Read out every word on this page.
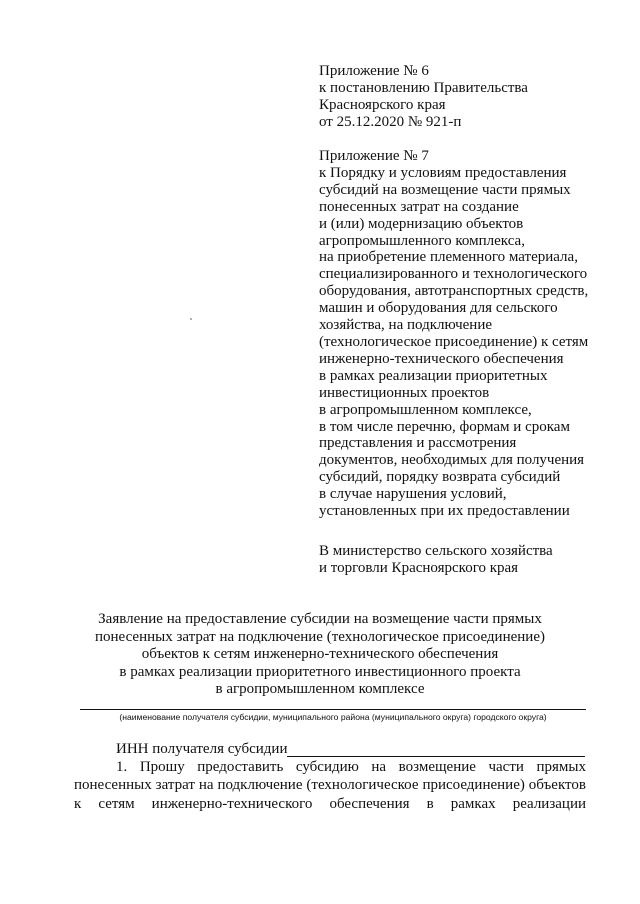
Приложение № 6
к постановлению Правительства
Красноярского края
от 25.12.2020 № 921-п
Приложение № 7
к Порядку и условиям предоставления
субсидий на возмещение части прямых
понесенных затрат на создание
и (или) модернизацию объектов
агропромышленного комплекса,
на приобретение племенного материала,
специализированного и технологического
оборудования, автотранспортных средств,
машин и оборудования для сельского
хозяйства, на подключение
(технологическое присоединение) к сетям
инженерно-технического обеспечения
в рамках реализации приоритетных
инвестиционных проектов
в агропромышленном комплексе,
в том числе перечню, формам и срокам
представления и рассмотрения
документов, необходимых для получения
субсидий, порядку возврата субсидий
в случае нарушения условий,
установленных при их предоставлении
В министерство сельского хозяйства
и торговли Красноярского края
Заявление на предоставление субсидии на возмещение части прямых
понесенных затрат на подключение (технологическое присоединение)
объектов к сетям инженерно-технического обеспечения
в рамках реализации приоритетного инвестиционного проекта
в агропромышленном комплексе
(наименование получателя субсидии, муниципального района (муниципального округа) городского округа)
ИНН получателя субсидии
1. Прошу предоставить субсидию на возмещение части прямых
понесенных затрат на подключение (технологическое присоединение) объектов
к сетям инженерно-технического обеспечения в рамках реализации
